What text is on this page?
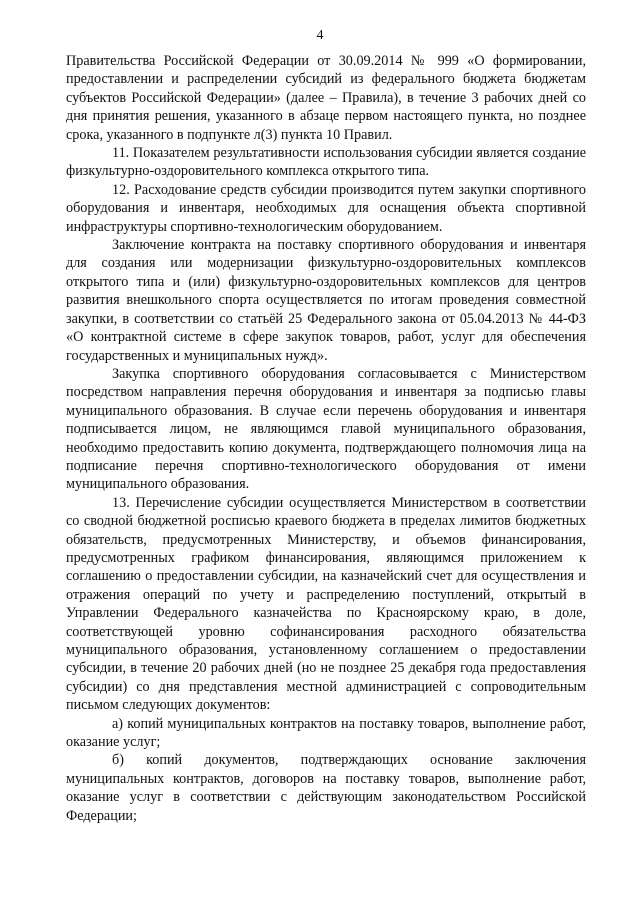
4

Правительства Российской Федерации от 30.09.2014 № 999 «О формировании, предоставлении и распределении субсидий из федерального бюджета бюджетам субъектов Российской Федерации» (далее – Правила), в течение 3 рабочих дней со дня принятия решения, указанного в абзаце первом настоящего пункта, но позднее срока, указанного в подпункте л(3) пункта 10 Правил.

11. Показателем результативности использования субсидии является создание физкультурно-оздоровительного комплекса открытого типа.

12. Расходование средств субсидии производится путем закупки спортивного оборудования и инвентаря, необходимых для оснащения объекта спортивной инфраструктуры спортивно-технологическим оборудованием.

Заключение контракта на поставку спортивного оборудования и инвентаря для создания или модернизации физкультурно-оздоровительных комплексов открытого типа и (или) физкультурно-оздоровительных комплексов для центров развития внешкольного спорта осуществляется по итогам проведения совместной закупки, в соответствии со статьёй 25 Федерального закона от 05.04.2013 № 44-ФЗ «О контрактной системе в сфере закупок товаров, работ, услуг для обеспечения государственных и муниципальных нужд».

Закупка спортивного оборудования согласовывается с Министерством посредством направления перечня оборудования и инвентаря за подписью главы муниципального образования. В случае если перечень оборудования и инвентаря подписывается лицом, не являющимся главой муниципального образования, необходимо предоставить копию документа, подтверждающего полномочия лица на подписание перечня спортивно-технологического оборудования от имени муниципального образования.

13. Перечисление субсидии осуществляется Министерством в соответствии со сводной бюджетной росписью краевого бюджета в пределах лимитов бюджетных обязательств, предусмотренных Министерству, и объемов финансирования, предусмотренных графиком финансирования, являющимся приложением к соглашению о предоставлении субсидии, на казначейский счет для осуществления и отражения операций по учету и распределению поступлений, открытый в Управлении Федерального казначейства по Красноярскому краю, в доле, соответствующей уровню софинансирования расходного обязательства муниципального образования, установленному соглашением о предоставлении субсидии, в течение 20 рабочих дней (но не позднее 25 декабря года предоставления субсидии) со дня представления местной администрацией с сопроводительным письмом следующих документов:

а) копий муниципальных контрактов на поставку товаров, выполнение работ, оказание услуг;

б) копий документов, подтверждающих основание заключения муниципальных контрактов, договоров на поставку товаров, выполнение работ, оказание услуг в соответствии с действующим законодательством Российской Федерации;
